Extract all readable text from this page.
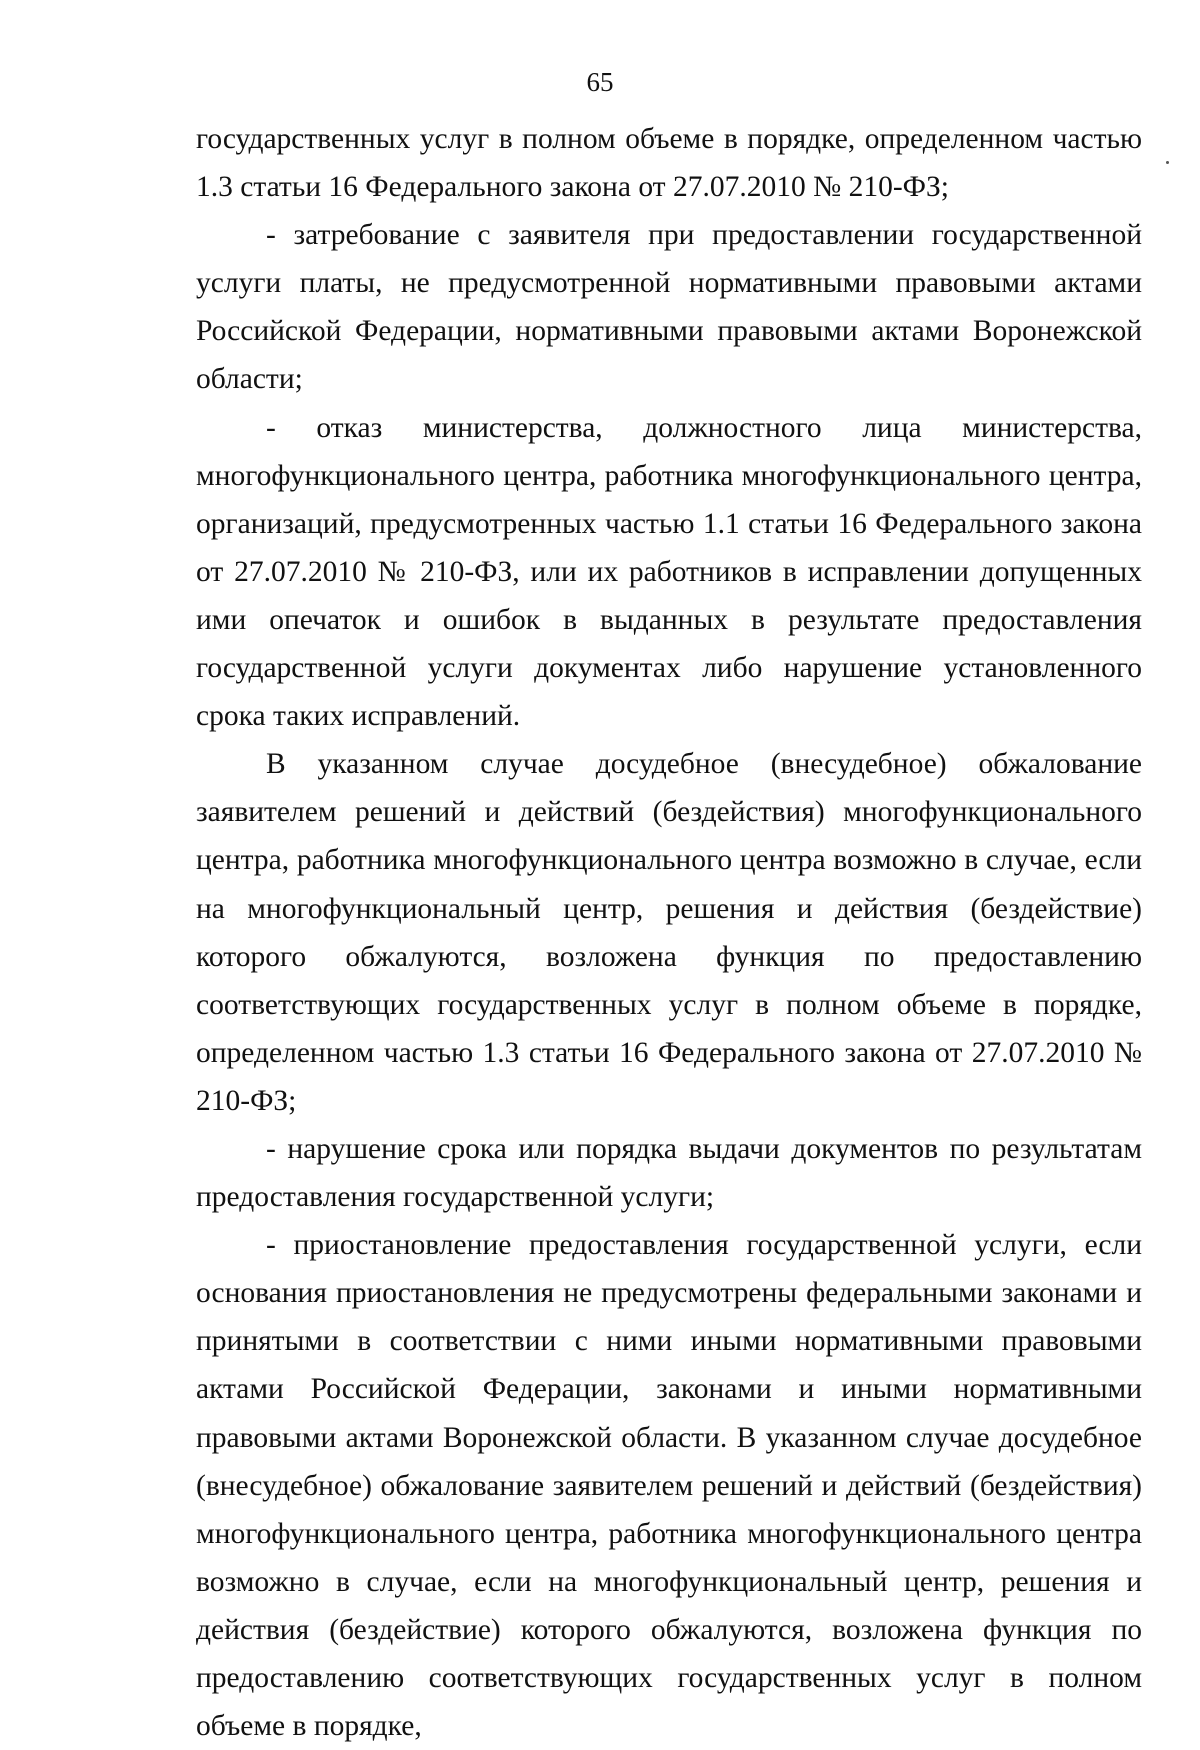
65

государственных услуг в полном объеме в порядке, определенном частью 1.3 статьи 16 Федерального закона от 27.07.2010 № 210-ФЗ;

- затребование с заявителя при предоставлении государственной услуги платы, не предусмотренной нормативными правовыми актами Российской Федерации, нормативными правовыми актами Воронежской области;

- отказ министерства, должностного лица министерства, многофункционального центра, работника многофункционального центра, организаций, предусмотренных частью 1.1 статьи 16 Федерального закона от 27.07.2010 № 210-ФЗ, или их работников в исправлении допущенных ими опечаток и ошибок в выданных в результате предоставления государственной услуги документах либо нарушение установленного срока таких исправлений.

В указанном случае досудебное (внесудебное) обжалование заявителем решений и действий (бездействия) многофункционального центра, работника многофункционального центра возможно в случае, если на многофункциональный центр, решения и действия (бездействие) которого обжалуются, возложена функция по предоставлению соответствующих государственных услуг в полном объеме в порядке, определенном частью 1.3 статьи 16 Федерального закона от 27.07.2010 № 210-ФЗ;

- нарушение срока или порядка выдачи документов по результатам предоставления государственной услуги;

- приостановление предоставления государственной услуги, если основания приостановления не предусмотрены федеральными законами и принятыми в соответствии с ними иными нормативными правовыми актами Российской Федерации, законами и иными нормативными правовыми актами Воронежской области. В указанном случае досудебное (внесудебное) обжалование заявителем решений и действий (бездействия) многофункционального центра, работника многофункционального центра возможно в случае, если на многофункциональный центр, решения и действия (бездействие) которого обжалуются, возложена функция по предоставлению соответствующих государственных услуг в полном объеме в порядке,
